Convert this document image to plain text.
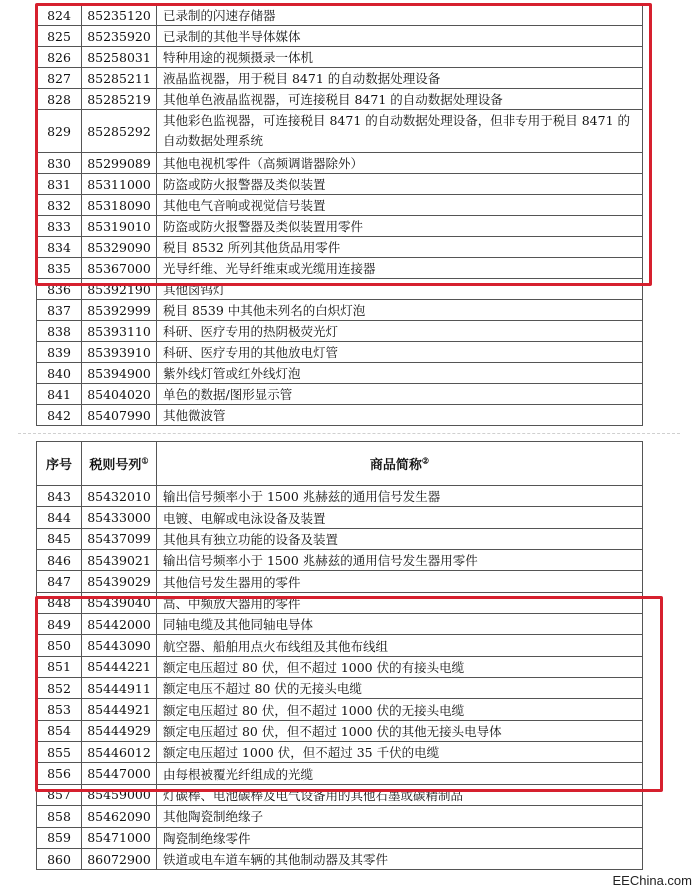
824	85235120	已录制的闪速存储器
825	85235920	已录制的其他半导体媒体
826	85258031	特种用途的视频摄录一体机
827	85285211	液晶监视器，用于税目 8471 的自动数据处理设备
828	85285219	其他单色液晶监视器，可连接税目 8471 的自动数据处理设备
829	85285292	其他彩色监视器，可连接税目 8471 的自动数据处理设备，但非专用于税目 8471 的自动数据处理系统
830	85299089	其他电视机零件（高频调谐器除外）
831	85311000	防盗或防火报警器及类似装置
832	85318090	其他电气音响或视觉信号装置
833	85319010	防盗或防火报警器及类似装置用零件
834	85329090	税目 8532 所列其他货品用零件
835	85367000	光导纤维、光导纤维束或光缆用连接器
836	85392190	其他卤钨灯
837	85392999	税目 8539 中其他未列名的白炽灯泡
838	85393110	科研、医疗专用的热阴极荧光灯
839	85393910	科研、医疗专用的其他放电灯管
840	85394900	紫外线灯管或红外线灯泡
841	85404020	单色的数据/图形显示管
842	85407990	其他微波管
序号	税则号列①	商品简称②
843	85432010	输出信号频率小于 1500 兆赫兹的通用信号发生器
844	85433000	电镀、电解或电泳设备及装置
845	85437099	其他具有独立功能的设备及装置
846	85439021	输出信号频率小于 1500 兆赫兹的通用信号发生器用零件
847	85439029	其他信号发生器用的零件
848	85439040	高、中频放大器用的零件
849	85442000	同轴电缆及其他同轴电导体
850	85443090	航空器、船舶用点火布线组及其他布线组
851	85444221	额定电压超过 80 伏，但不超过 1000 伏的有接头电缆
852	85444911	额定电压不超过 80 伏的无接头电缆
853	85444921	额定电压超过 80 伏，但不超过 1000 伏的无接头电缆
854	85444929	额定电压超过 80 伏，但不超过 1000 伏的其他无接头电导体
855	85446012	额定电压超过 1000 伏，但不超过 35 千伏的电缆
856	85447000	由每根被覆光纤组成的光缆
857	85459000	灯碳棒、电池碳棒及电气设备用的其他石墨或碳精制品
858	85462090	其他陶瓷制绝缘子
859	85471000	陶瓷制绝缘零件
860	86072900	铁道或电车道车辆的其他制动器及其零件
EEChina.com
